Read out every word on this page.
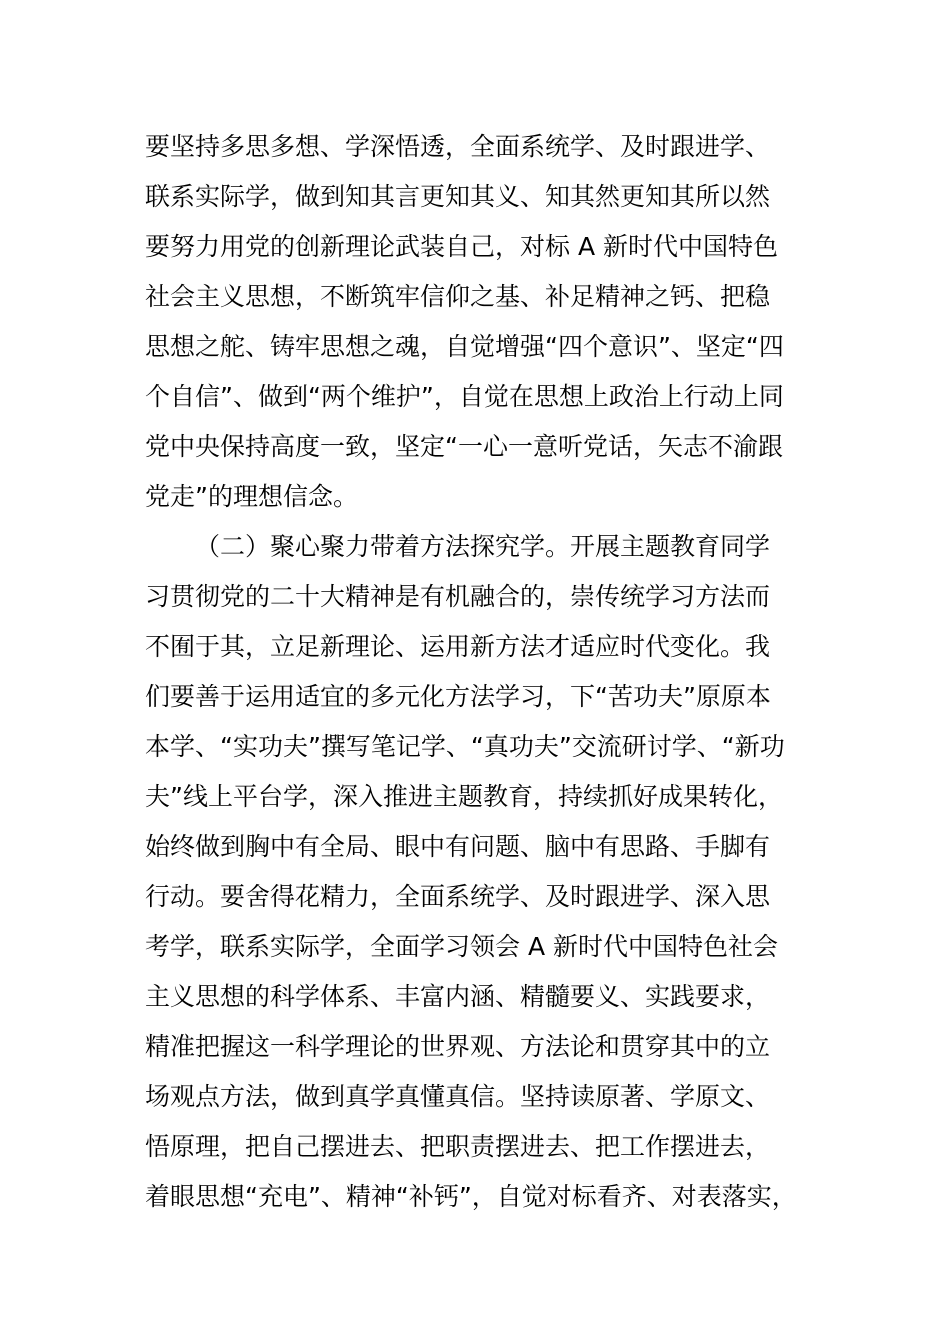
要坚持多思多想、学深悟透，全面系统学、及时跟进学、
联系实际学，做到知其言更知其义、知其然更知其所以然
要努力用党的创新理论武装自己，对标 A 新时代中国特色
社会主义思想，不断筑牢信仰之基、补足精神之钙、把稳
思想之舵、铸牢思想之魂，自觉增强“四个意识”、坚定“四
个自信”、做到“两个维护”，自觉在思想上政治上行动上同
党中央保持高度一致，坚定“一心一意听党话，矢志不渝跟
党走”的理想信念。
（二）聚心聚力带着方法探究学。开展主题教育同学
习贯彻党的二十大精神是有机融合的，崇传统学习方法而
不囿于其，立足新理论、运用新方法才适应时代变化。我
们要善于运用适宜的多元化方法学习，下“苦功夫”原原本
本学、“实功夫”撰写笔记学、“真功夫”交流研讨学、“新功
夫”线上平台学，深入推进主题教育，持续抓好成果转化，
始终做到胸中有全局、眼中有问题、脑中有思路、手脚有
行动。要舍得花精力，全面系统学、及时跟进学、深入思
考学，联系实际学，全面学习领会 A 新时代中国特色社会
主义思想的科学体系、丰富内涵、精髓要义、实践要求，
精准把握这一科学理论的世界观、方法论和贯穿其中的立
场观点方法，做到真学真懂真信。坚持读原著、学原文、
悟原理，把自己摆进去、把职责摆进去、把工作摆进去，
着眼思想“充电”、精神“补钙”，自觉对标看齐、对表落实，
